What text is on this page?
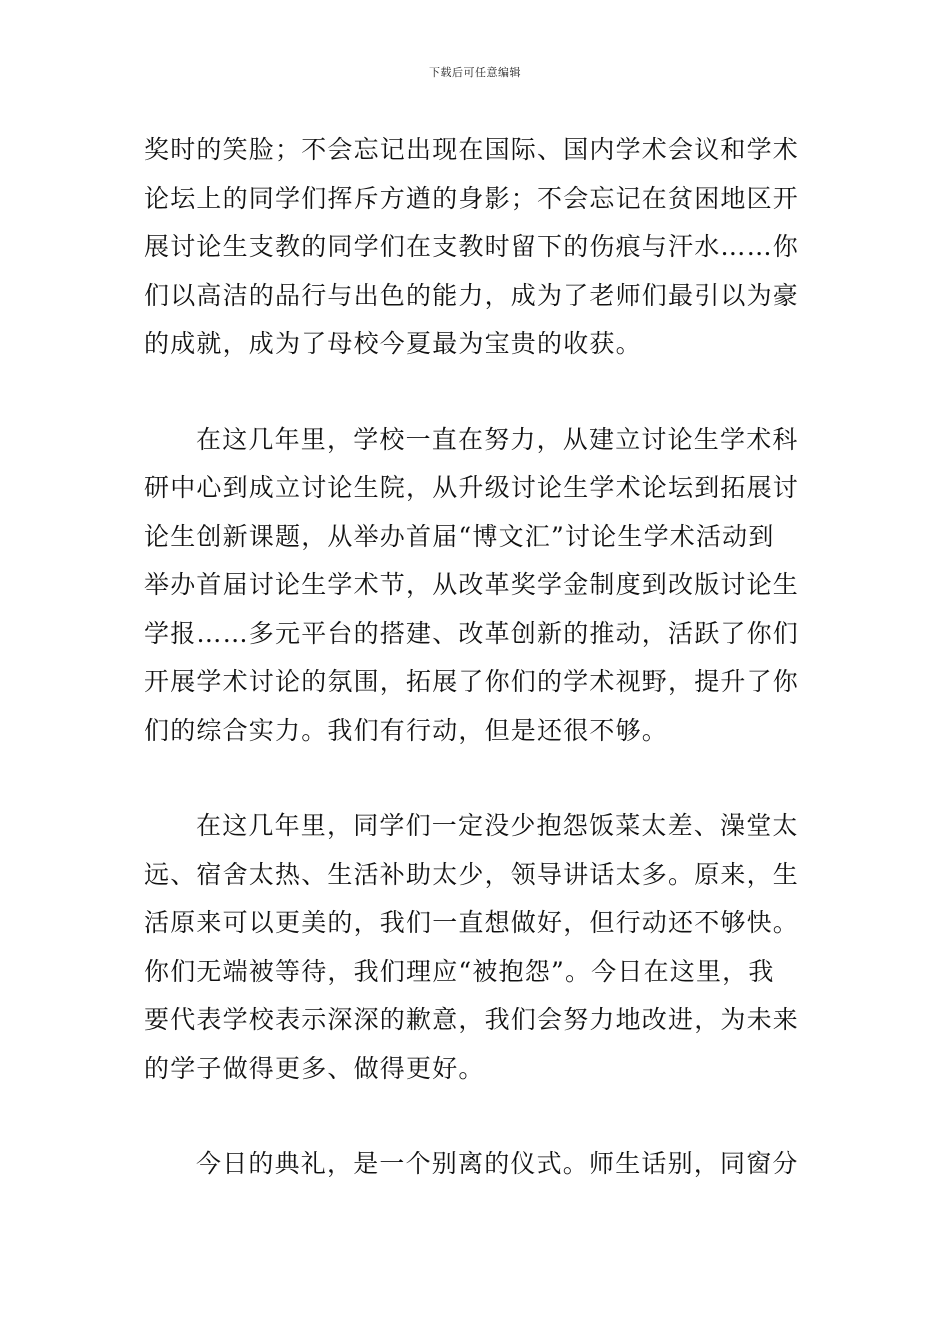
下载后可任意编辑
奖时的笑脸；不会忘记出现在国际、国内学术会议和学术
论坛上的同学们挥斥方遒的身影；不会忘记在贫困地区开
展讨论生支教的同学们在支教时留下的伤痕与汗水……你
们以高洁的品行与出色的能力，成为了老师们最引以为豪
的成就，成为了母校今夏最为宝贵的收获。
在这几年里，学校一直在努力，从建立讨论生学术科
研中心到成立讨论生院，从升级讨论生学术论坛到拓展讨
论生创新课题，从举办首届“博文汇”讨论生学术活动到
举办首届讨论生学术节，从改革奖学金制度到改版讨论生
学报……多元平台的搭建、改革创新的推动，活跃了你们
开展学术讨论的氛围，拓展了你们的学术视野，提升了你
们的综合实力。我们有行动，但是还很不够。
在这几年里，同学们一定没少抱怨饭菜太差、澡堂太
远、宿舍太热、生活补助太少，领导讲话太多。原来，生
活原来可以更美的，我们一直想做好，但行动还不够快。
你们无端被等待，我们理应“被抱怨”。今日在这里，我
要代表学校表示深深的歉意，我们会努力地改进，为未来
的学子做得更多、做得更好。
今日的典礼，是一个别离的仪式。师生话别，同窗分
